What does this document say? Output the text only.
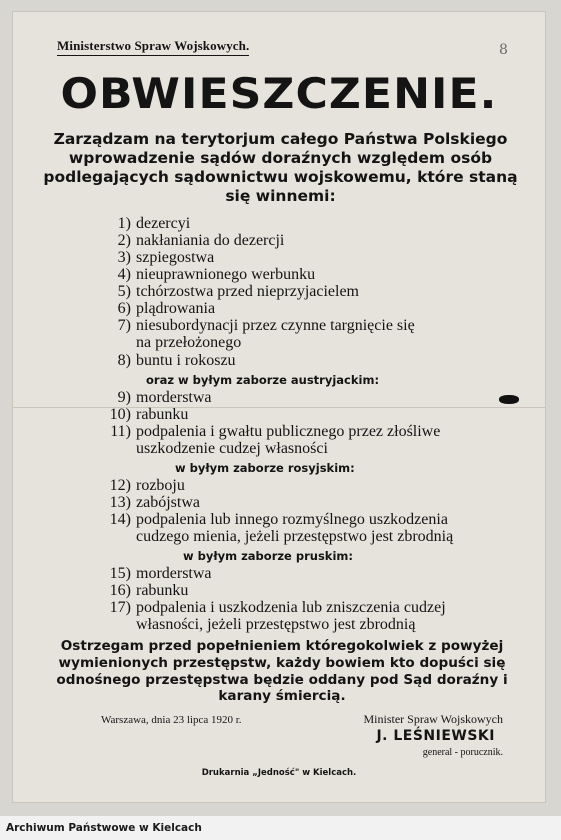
Ministerstwo Spraw Wojskowych.	8
OBWIESZCZENIE.
Zarządzam na terytorjum całego Państwa Polskiego wprowadzenie sądów doraźnych względem osób podlegających sądownictwu wojskowemu, które staną się winnemi:
1) dezercyi
2) nakłaniania do dezercji
3) szpiegostwa
4) nieuprawnionego werbunku
5) tchórzostwa przed nieprzyjacielem
6) plądrowania
7) niesubordynacji przez czynne targnięcie się
na przełożonego
8) buntu i rokoszu
oraz w byłym zaborze austryjackim:
9) morderstwa
10) rabunku
11) podpalenia i gwałtu publicznego przez złośliwe
uszkodzenie cudzej własności
w byłym zaborze rosyjskim:
12) rozboju
13) zabójstwa
14) podpalenia lub innego rozmyślnego uszkodzenia
cudzego mienia, jeżeli przestępstwo jest zbrodnią
w byłym zaborze pruskim:
15) morderstwa
16) rabunku
17) podpalenia i uszkodzenia lub zniszczenia cudzej
własności, jeżeli przestępstwo jest zbrodnią
Ostrzegam przed popełnieniem któregokolwiek z powyżej wymienionych przestępstw, każdy bowiem kto dopuści się odnośnego przestępstwa będzie oddany pod Sąd doraźny i karany śmiercią.
Warszawa, dnia 23 lipca 1920 r.	Minister Spraw Wojskowych
J. LEŚNIEWSKI
general - porucznik.
Drukarnia „Jedność" w Kielcach.
Archiwum Państwowe w Kielcach
